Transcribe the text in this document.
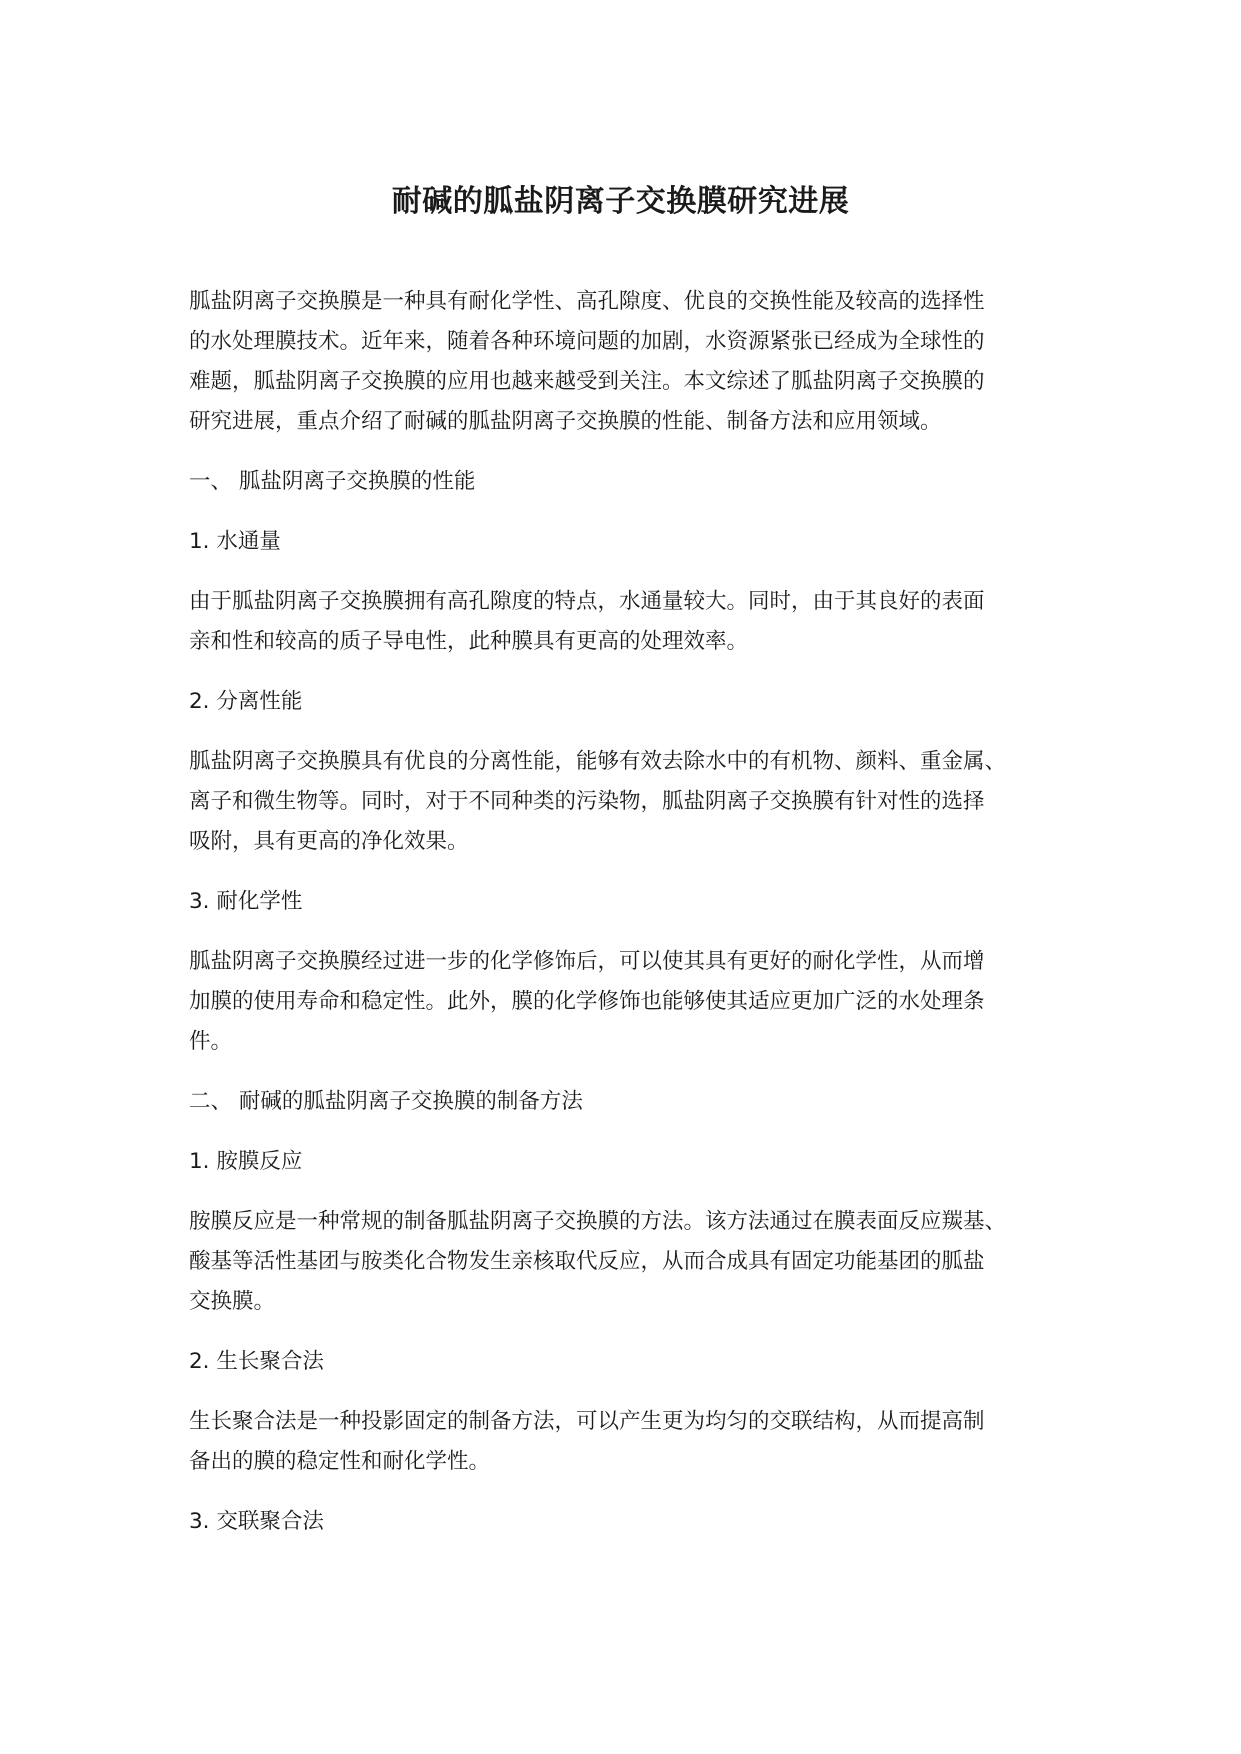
耐碱的胍盐阴离子交换膜研究进展

胍盐阴离子交换膜是一种具有耐化学性、高孔隙度、优良的交换性能及较高的选择性
的水处理膜技术。近年来，随着各种环境问题的加剧，水资源紧张已经成为全球性的
难题，胍盐阴离子交换膜的应用也越来越受到关注。本文综述了胍盐阴离子交换膜的
研究进展，重点介绍了耐碱的胍盐阴离子交换膜的性能、制备方法和应用领域。

一、 胍盐阴离子交换膜的性能
1. 水通量

由于胍盐阴离子交换膜拥有高孔隙度的特点，水通量较大。同时，由于其良好的表面
亲和性和较高的质子导电性，此种膜具有更高的处理效率。

2. 分离性能

胍盐阴离子交换膜具有优良的分离性能，能够有效去除水中的有机物、颜料、重金属、
离子和微生物等。同时，对于不同种类的污染物，胍盐阴离子交换膜有针对性的选择
吸附，具有更高的净化效果。

3. 耐化学性

胍盐阴离子交换膜经过进一步的化学修饰后，可以使其具有更好的耐化学性，从而增
加膜的使用寿命和稳定性。此外，膜的化学修饰也能够使其适应更加广泛的水处理条
件。

二、 耐碱的胍盐阴离子交换膜的制备方法
1. 胺膜反应

胺膜反应是一种常规的制备胍盐阴离子交换膜的方法。该方法通过在膜表面反应羰基、
酸基等活性基团与胺类化合物发生亲核取代反应，从而合成具有固定功能基团的胍盐
交换膜。

2. 生长聚合法

生长聚合法是一种投影固定的制备方法，可以产生更为均匀的交联结构，从而提高制
备出的膜的稳定性和耐化学性。

3. 交联聚合法
